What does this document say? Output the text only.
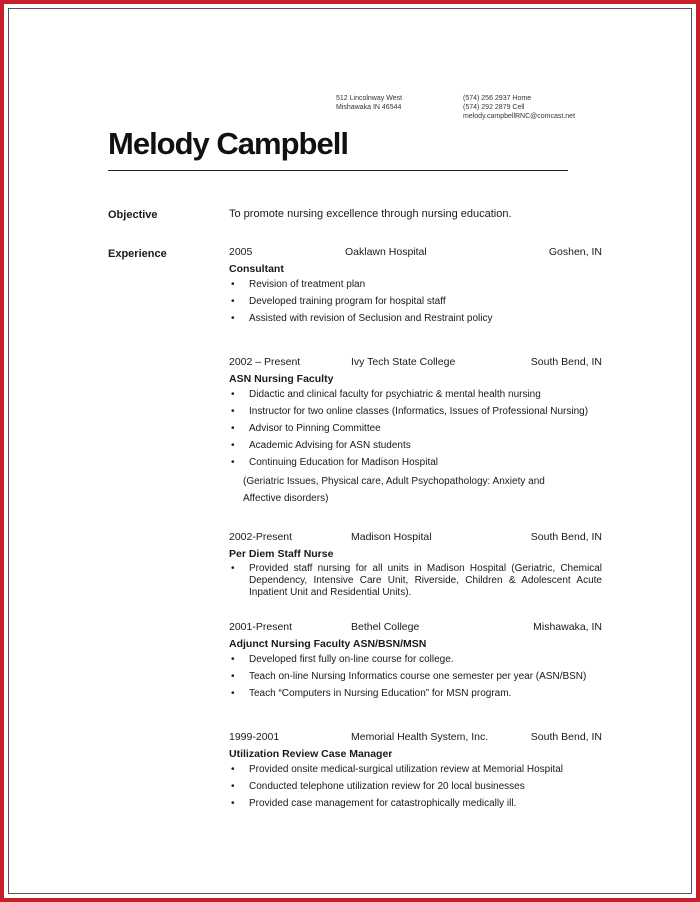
512 Lincolnway West
Mishawaka IN 46544
(574) 256 2937 Home
(574) 292 2879 Cell
melody.campbellRNC@comcast.net
Melody Campbell
Objective	To promote nursing excellence through nursing education.
Experience	2005	Oaklawn Hospital	Goshen, IN
Consultant
• Revision of treatment plan
• Developed training program for hospital staff
• Assisted with revision of Seclusion and Restraint policy
2002 – Present	Ivy Tech State College	South Bend, IN
ASN Nursing Faculty
• Didactic and clinical faculty for psychiatric & mental health nursing
• Instructor for two online classes (Informatics, Issues of Professional Nursing)
• Advisor to Pinning Committee
• Academic Advising for ASN students
• Continuing Education for Madison Hospital
(Geriatric Issues, Physical care, Adult Psychopathology: Anxiety and
Affective disorders)
2002-Present	Madison Hospital	South Bend, IN
Per Diem Staff Nurse
• Provided staff nursing for all units in Madison Hospital (Geriatric, Chemical Dependency, Intensive Care Unit, Riverside, Children & Adolescent Acute Inpatient Unit and Residential Units).
2001-Present	Bethel College	Mishawaka, IN
Adjunct Nursing Faculty ASN/BSN/MSN
• Developed first fully on-line course for college.
• Teach on-line Nursing Informatics course one semester per year (ASN/BSN)
• Teach “Computers in Nursing Education” for MSN program.
1999-2001	Memorial Health System, Inc.	South Bend, IN
Utilization Review Case Manager
• Provided onsite medical-surgical utilization review at Memorial Hospital
• Conducted telephone utilization review for 20 local businesses
• Provided case management for catastrophically medically ill.
